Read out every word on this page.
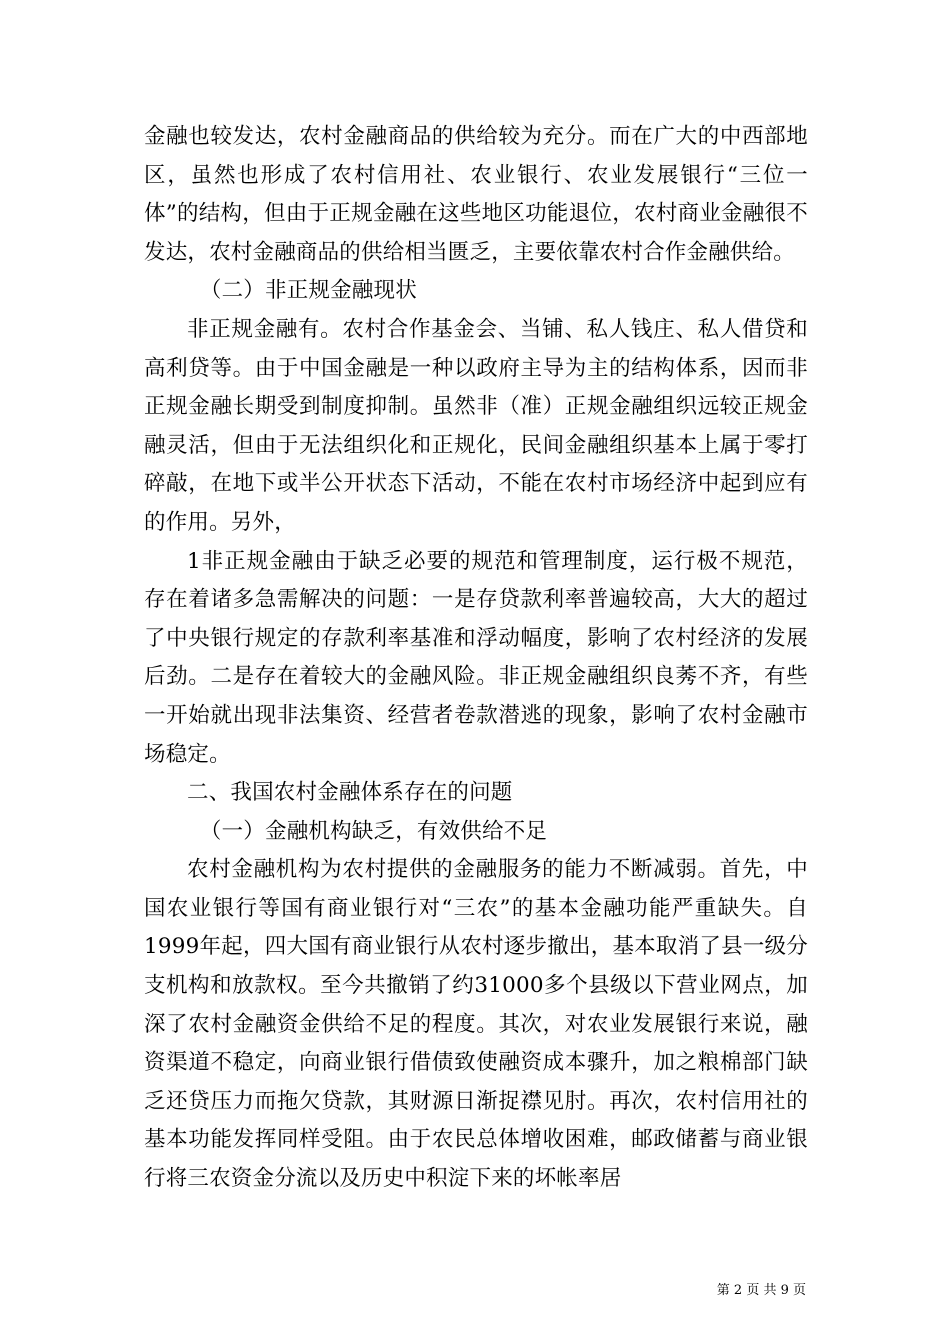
金融也较发达，农村金融商品的供给较为充分。而在广大的中西部地区，虽然也形成了农村信用社、农业银行、农业发展银行“三位一体”的结构，但由于正规金融在这些地区功能退位，农村商业金融很不发达，农村金融商品的供给相当匮乏，主要依靠农村合作金融供给。

（二）非正规金融现状

非正规金融有。农村合作基金会、当铺、私人钱庄、私人借贷和高利贷等。由于中国金融是一种以政府主导为主的结构体系，因而非正规金融长期受到制度抑制。虽然非（准）正规金融组织远较正规金融灵活，但由于无法组织化和正规化，民间金融组织基本上属于零打碎敲，在地下或半公开状态下活动，不能在农村市场经济中起到应有的作用。另外，

1非正规金融由于缺乏必要的规范和管理制度，运行极不规范，存在着诸多急需解决的问题：一是存贷款利率普遍较高，大大的超过了中央银行规定的存款利率基准和浮动幅度，影响了农村经济的发展后劲。二是存在着较大的金融风险。非正规金融组织良莠不齐，有些一开始就出现非法集资、经营者卷款潜逃的现象，影响了农村金融市场稳定。

二、我国农村金融体系存在的问题

（一）金融机构缺乏，有效供给不足

农村金融机构为农村提供的金融服务的能力不断减弱。首先，中国农业银行等国有商业银行对“三农”的基本金融功能严重缺失。自1999年起，四大国有商业银行从农村逐步撤出，基本取消了县一级分支机构和放款权。至今共撤销了约31000多个县级以下营业网点，加深了农村金融资金供给不足的程度。其次，对农业发展银行来说，融资渠道不稳定，向商业银行借债致使融资成本骤升，加之粮棉部门缺乏还贷压力而拖欠贷款，其财源日渐捉襟见肘。再次，农村信用社的基本功能发挥同样受阻。由于农民总体增收困难，邮政储蓄与商业银行将三农资金分流以及历史中积淀下来的坏帐率居

第 2 页 共 9 页
